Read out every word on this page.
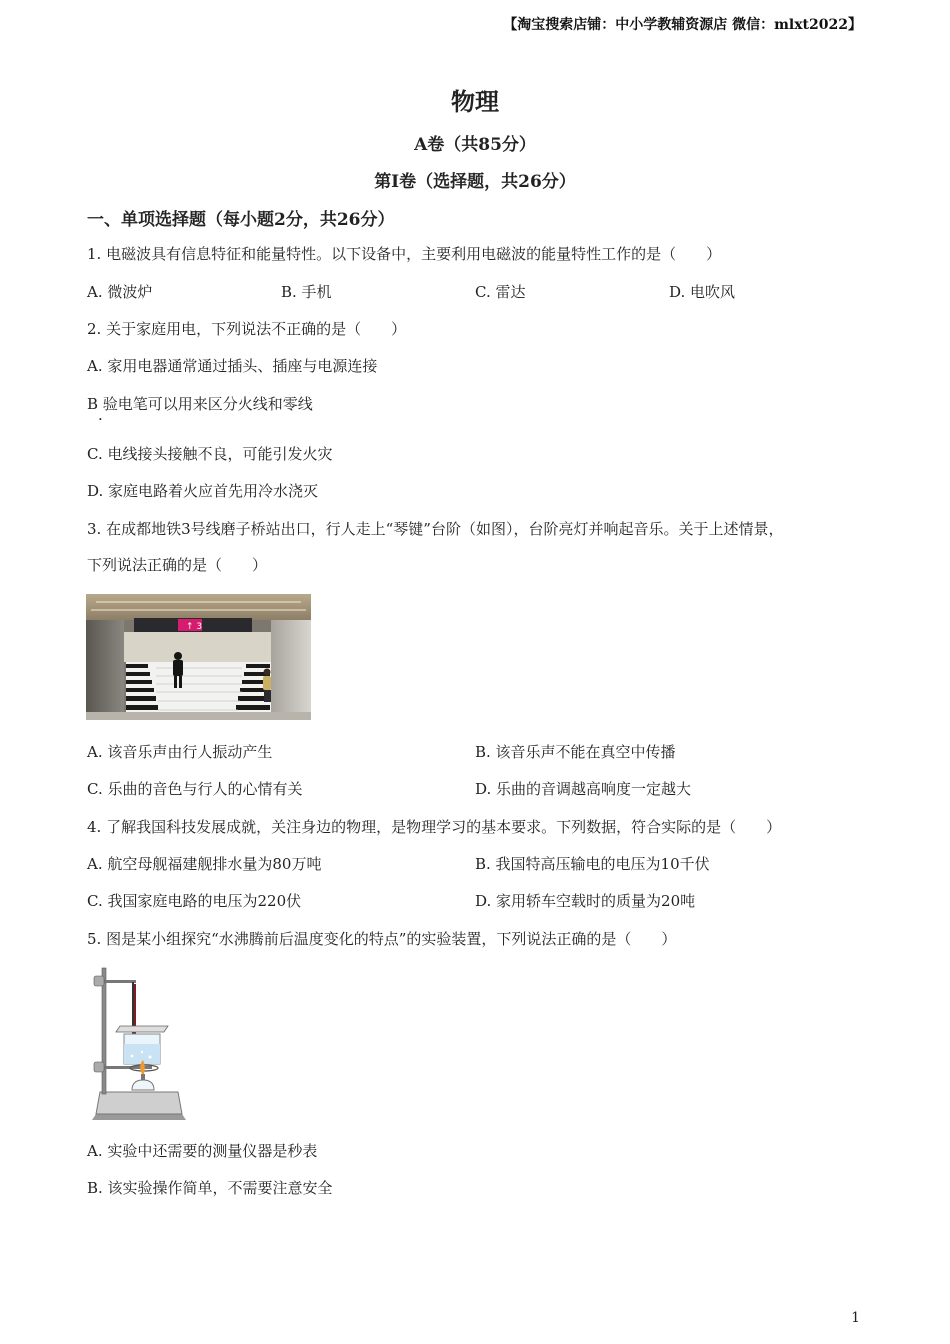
【淘宝搜索店铺：中小学教辅资源店 微信：mlxt2022】
物理
A卷（共85分）
第Ⅰ卷（选择题，共26分）
一、单项选择题（每小题2分，共26分）
1. 电磁波具有信息特征和能量特性。以下设备中，主要利用电磁波的能量特性工作的是（　　）
A. 微波炉	B. 手机	C. 雷达	D. 电吹风
2. 关于家庭用电，下列说法不正确的是（　　）
A. 家用电器通常通过插头、插座与电源连接
B 验电笔可以用来区分火线和零线
·
C. 电线接头接触不良，可能引发火灾
D. 家庭电路着火应首先用冷水浇灭
3. 在成都地铁3号线磨子桥站出口，行人走上“琴键”台阶（如图），台阶亮灯并响起音乐。关于上述情景，
下列说法正确的是（　　）
↑ 3
A. 该音乐声由行人振动产生	B. 该音乐声不能在真空中传播
C. 乐曲的音色与行人的心情有关	D. 乐曲的音调越高响度一定越大
4. 了解我国科技发展成就，关注身边的物理，是物理学习的基本要求。下列数据，符合实际的是（　　）
A. 航空母舰福建舰排水量为80万吨	B. 我国特高压输电的电压为10千伏
C. 我国家庭电路的电压为220伏	D. 家用轿车空载时的质量为20吨
5. 图是某小组探究“水沸腾前后温度变化的特点”的实验装置，下列说法正确的是（　　）
A. 实验中还需要的测量仪器是秒表
B. 该实验操作简单，不需要注意安全
1
